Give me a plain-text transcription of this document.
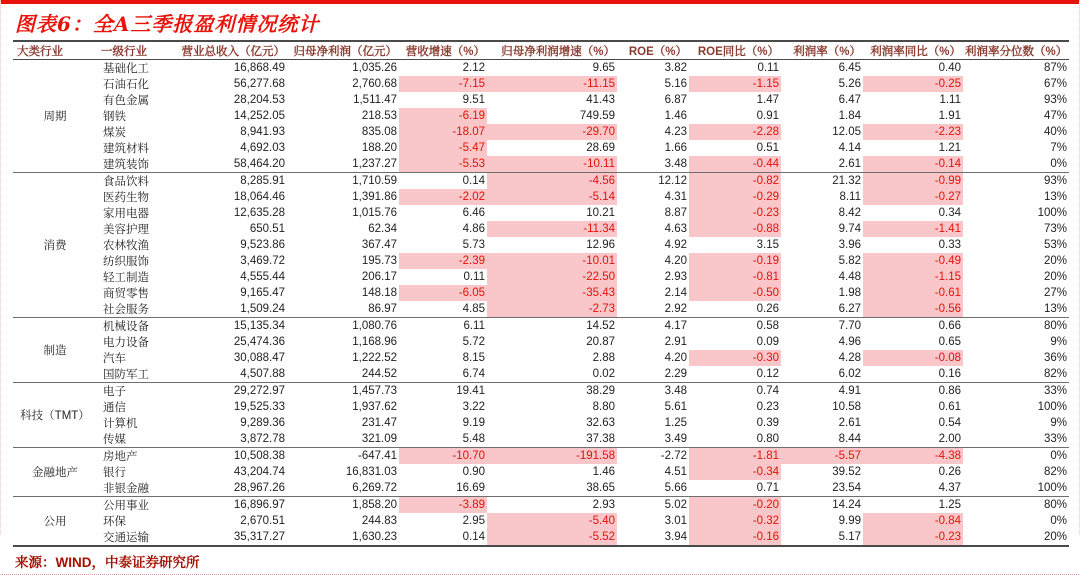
图表6：全A三季报盈利情况统计
大类行业	一级行业	营业总收入（亿元）	归母净利润（亿元）	营收增速（%）	归母净利润增速（%）	ROE（%）	ROE同比（%）	利润率（%）	利润率同比（%）	利润率分位数（%）
周期	基础化工	16,868.49	1,035.26	2.12	9.65	3.82	0.11	6.45	0.40	87%
	石油石化	56,277.68	2,760.68	-7.15	-11.15	5.16	-1.15	5.26	-0.25	67%
	有色金属	28,204.53	1,511.47	9.51	41.43	6.87	1.47	6.47	1.11	93%
	钢铁	14,252.05	218.53	-6.19	749.59	1.46	0.91	1.84	1.91	47%
	煤炭	8,941.93	835.08	-18.07	-29.70	4.23	-2.28	12.05	-2.23	40%
	建筑材料	4,692.03	188.20	-5.47	28.69	1.66	0.51	4.14	1.21	7%
	建筑装饰	58,464.20	1,237.27	-5.53	-10.11	3.48	-0.44	2.61	-0.14	0%
消费	食品饮料	8,285.91	1,710.59	0.14	-4.56	12.12	-0.82	21.32	-0.99	93%
	医药生物	18,064.46	1,391.86	-2.02	-5.14	4.31	-0.29	8.11	-0.27	13%
	家用电器	12,635.28	1,015.76	6.46	10.21	8.87	-0.23	8.42	0.34	100%
	美容护理	650.51	62.34	4.86	-11.34	4.63	-0.88	9.74	-1.41	73%
	农林牧渔	9,523.86	367.47	5.73	12.96	4.92	3.15	3.96	0.33	53%
	纺织服饰	3,469.72	195.73	-2.39	-10.01	4.20	-0.19	5.82	-0.49	20%
	轻工制造	4,555.44	206.17	0.11	-22.50	2.93	-0.81	4.48	-1.15	20%
	商贸零售	9,165.47	148.18	-6.05	-35.43	2.14	-0.50	1.98	-0.61	27%
	社会服务	1,509.24	86.97	4.85	-2.73	2.92	0.26	6.27	-0.56	13%
制造	机械设备	15,135.34	1,080.76	6.11	14.52	4.17	0.58	7.70	0.66	80%
	电力设备	25,474.36	1,168.96	5.72	20.87	2.91	0.09	4.96	0.65	9%
	汽车	30,088.47	1,222.52	8.15	2.88	4.20	-0.30	4.28	-0.08	36%
	国防军工	4,507.88	244.52	6.74	0.02	2.29	0.12	6.02	0.16	82%
科技（TMT）	电子	29,272.97	1,457.73	19.41	38.29	3.48	0.74	4.91	0.86	33%
	通信	19,525.33	1,937.62	3.22	8.80	5.61	0.23	10.58	0.61	100%
	计算机	9,289.36	231.47	9.19	32.63	1.25	0.39	2.61	0.54	9%
	传媒	3,872.78	321.09	5.48	37.38	3.49	0.80	8.44	2.00	33%
金融地产	房地产	10,508.38	-647.41	-10.70	-191.58	-2.72	-1.81	-5.57	-4.38	0%
	银行	43,204.74	16,831.03	0.90	1.46	4.51	-0.34	39.52	0.26	82%
	非银金融	28,967.26	6,269.72	16.69	38.65	5.66	0.71	23.54	4.37	100%
公用	公用事业	16,896.97	1,858.20	-3.89	2.93	5.02	-0.20	14.24	1.25	80%
	环保	2,670.51	244.83	2.95	-5.40	3.01	-0.32	9.99	-0.84	0%
	交通运输	35,317.27	1,630.23	0.14	-5.52	3.94	-0.16	5.17	-0.23	20%
来源：WIND，中泰证券研究所
